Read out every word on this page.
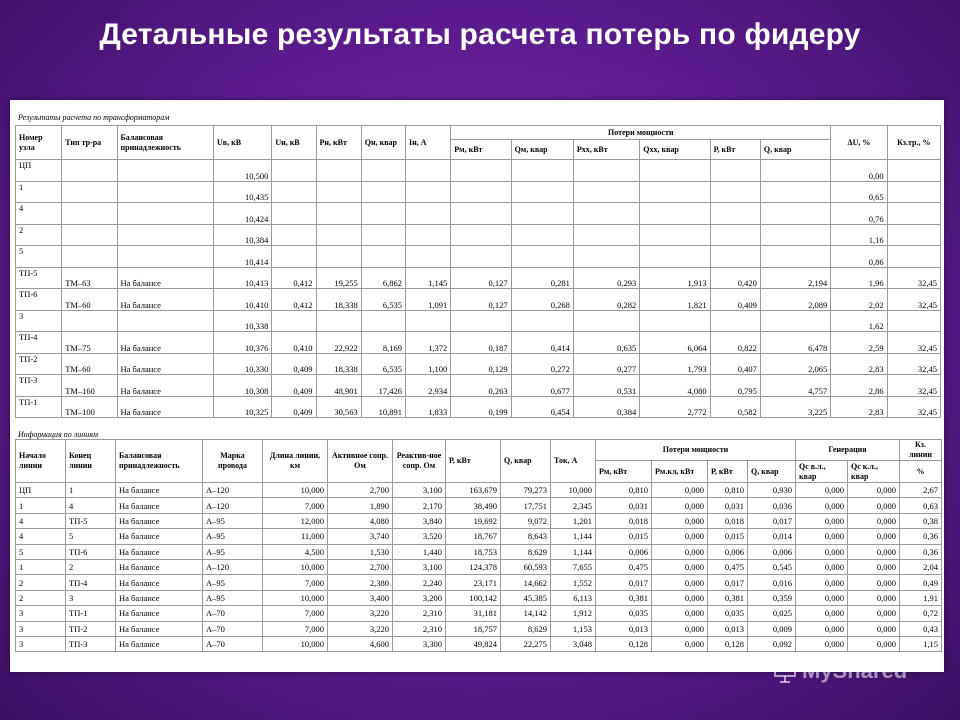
Детальные результаты расчета потерь по фидеру
Результаты расчета по трансформаторам
Номер узла	Тип тр-ра	Балансовая принадлежность	Uв, кВ	Uн, кВ	Рн, кВт	Qн, квар	Iн, А	Потери мощности						ΔU, %	Кз.тр., %
								Рм, кВт	Qм, квар	Рхх, кВт	Qхх, квар	Р, кВт	Q, квар		
ЦП			10,500											0,00	
1			10,435											0,65	
4			10,424											0,76	
2			10,384											1,16	
5			10,414											0,86	
ТП-5	ТМ–63	На балансе	10,413	0,412	19,255	6,862	1,145	0,127	0,281	0,293	1,913	0,420	2,194	1,96	32,45
ТП-6	ТМ–60	На балансе	10,410	0,412	18,338	6,535	1,091	0,127	0,268	0,282	1,821	0,409	2,089	2,02	32,45
3			10,338											1,62	
ТП-4	ТМ–75	На балансе	10,376	0,410	22,922	8,169	1,372	0,187	0,414	0,635	6,064	0,822	6,478	2,59	32,45
ТП-2	ТМ–60	На балансе	10,330	0,409	18,338	6,535	1,100	0,129	0,272	0,277	1,793	0,407	2,065	2,83	32,45
ТП-3	ТМ–160	На балансе	10,308	0,409	48,901	17,426	2,934	0,263	0,677	0,531	4,080	0,795	4,757	2,86	32,45
ТП-1	ТМ–100	На балансе	10,325	0,409	30,563	10,891	1,833	0,199	0,454	0,384	2,772	0,582	3,225	2,83	32,45
Информация по линиям
Начало линии	Конец линии	Балансовая принадлежность	Марка провода	Длина линии, км	Активное сопр. Ом	Реактив-ное сопр. Ом	Р, кВт	Q, квар	Ток, А	Потери мощности				Генерация		Кз. линии
										Рм, кВт	Рм.кл, кВт	Р, кВт	Q, квар	Qс в.л., квар	Qс к.л., квар	%
ЦП	1	На балансе	А–120	10,000	2,700	3,100	163,679	79,273	10,000	0,810	0,000	0,810	0,930	0,000	0,000	2,67
1	4	На балансе	А–120	7,000	1,890	2,170	38,490	17,751	2,345	0,031	0,000	0,031	0,036	0,000	0,000	0,63
4	ТП-5	На балансе	А–95	12,000	4,080	3,840	19,692	9,072	1,201	0,018	0,000	0,018	0,017	0,000	0,000	0,38
4	5	На балансе	А–95	11,000	3,740	3,520	18,767	8,643	1,144	0,015	0,000	0,015	0,014	0,000	0,000	0,36
5	ТП-6	На балансе	А–95	4,500	1,530	1,440	18,753	8,629	1,144	0,006	0,000	0,006	0,006	0,000	0,000	0,36
1	2	На балансе	А–120	10,000	2,700	3,100	124,378	60,593	7,655	0,475	0,000	0,475	0,545	0,000	0,000	2,04
2	ТП-4	На балансе	А–95	7,000	2,380	2,240	23,171	14,662	1,552	0,017	0,000	0,017	0,016	0,000	0,000	0,49
2	3	На балансе	А–95	10,000	3,400	3,200	100,142	45,385	6,113	0,381	0,000	0,381	0,359	0,000	0,000	1,91
3	ТП-1	На балансе	А–70	7,000	3,220	2,310	31,181	14,142	1,912	0,035	0,000	0,035	0,025	0,000	0,000	0,72
3	ТП-2	На балансе	А–70	7,000	3,220	2,310	18,757	8,629	1,153	0,013	0,000	0,013	0,009	0,000	0,000	0,43
3	ТП-3	На балансе	А–70	10,000	4,600	3,300	49,824	22,275	3,048	0,128	0,000	0,128	0,092	0,000	0,000	1,15
MyShared
